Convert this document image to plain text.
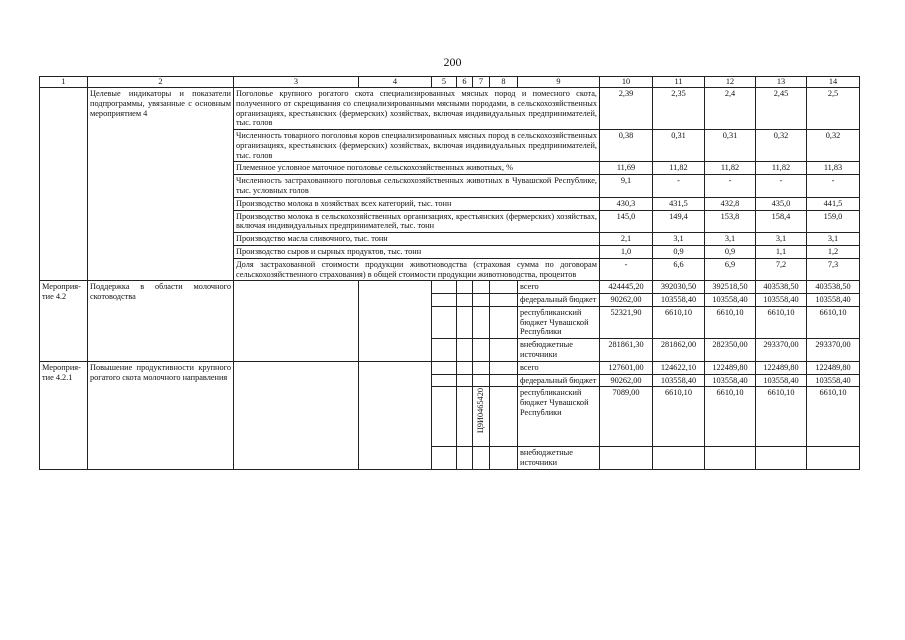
200
1	2	3	4	5	6	7	8	9	10	11	12	13	14
	Целевые индикаторы и показатели подпрограммы, увязанные с основным мероприятием 4	Поголовье крупного рогатого скота специализированных мясных пород и помесного скота, полученного от скрещивания со специализированными мясными породами, в сельскохозяйственных организациях, крестьянских (фермерских) хозяйствах, включая индивидуальных предпринимателей, тыс. голов							2,39	2,35	2,4	2,45	2,5
		Численность товарного поголовья коров специализированных мясных пород в сельскохозяйственных организациях, крестьянских (фермерских) хозяйствах, включая индивидуальных предпринимателей, тыс. голов							0,38	0,31	0,31	0,32	0,32
		Племенное условное маточное поголовье сельскохозяйственных животных, %							11,69	11,82	11,82	11,82	11,83
		Численность застрахованного поголовья сельскохозяйственных животных в Чувашской Республике, тыс. условных голов							9,1	-	-	-	-
		Производство молока в хозяйствах всех категорий, тыс. тонн							430,3	431,5	432,8	435,0	441,5
		Производство молока в сельскохозяйственных организациях, крестьянских (фермерских) хозяйствах, включая индивидуальных предпринимателей, тыс. тонн							145,0	149,4	153,8	158,4	159,0
		Производство масла сливочного, тыс. тонн							2,1	3,1	3,1	3,1	3,1
		Производство сыров и сырных продуктов, тыс. тонн							1,0	0,9	0,9	1,1	1,2
		Доля застрахованной стоимости продукции животноводства (страховая сумма по договорам сельскохозяйственного страхования) в общей стоимости продукции животноводства, процентов							-	6,6	6,9	7,2	7,3
Мероприятие 4.2	Поддержка в области молочного скотоводства							всего	424445,20	392030,50	392518,50	403538,50	403538,50
								федеральный бюджет	90262,00	103558,40	103558,40	103558,40	103558,40
								республиканский бюджет Чувашской Республики	52321,90	6610,10	6610,10	6610,10	6610,10
								внебюджетные источники	281861,30	281862,00	282350,00	293370,00	293370,00
Мероприятие 4.2.1	Повышение продуктивности крупного рогатого скота молочного направления							всего	127601,00	124622,10	122489,80	122489,80	122489,80
								федеральный бюджет	90262,00	103558,40	103558,40	103558,40	103558,40
						Ц9И0465420		республиканский бюджет Чувашской Республики	7089,00	6610,10	6610,10	6610,10	6610,10
								внебюджетные источники					
